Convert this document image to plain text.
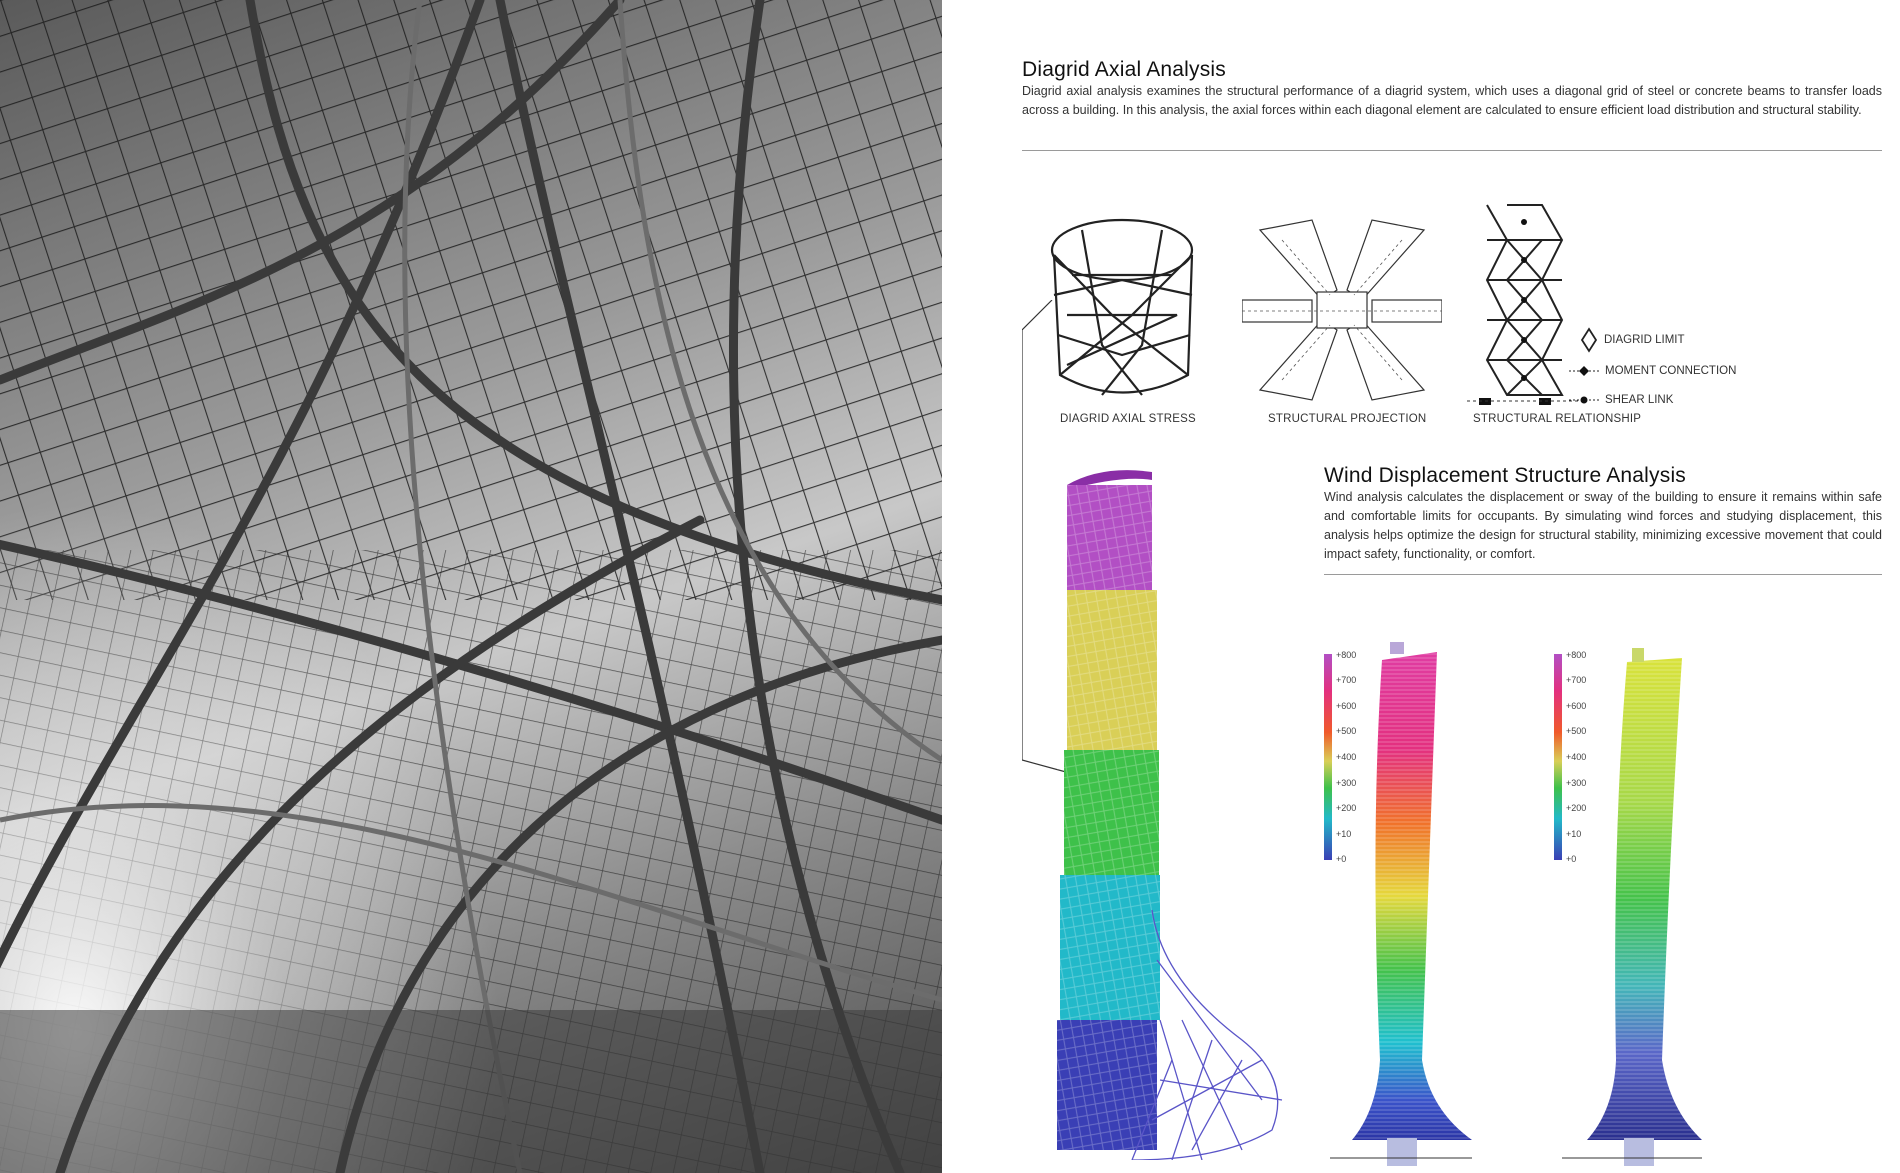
Diagrid Axial Analysis
Diagrid axial analysis examines the structural performance of a diagrid system, which uses a diagonal grid of steel or concrete beams to transfer loads across a building. In this analysis, the axial forces within each diagonal element are calculated to ensure efficient load distribution and structural stability.
DIAGRID AXIAL STRESS	STRUCTURAL PROJECTION	STRUCTURAL RELATIONSHIP
DIAGRID LIMIT
MOMENT CONNECTION
SHEAR LINK
Wind Displacement Structure Analysis
Wind analysis calculates the displacement or sway of the building to ensure it remains within safe and comfortable limits for occupants. By simulating wind forces and studying displacement, this analysis helps optimize the design for structural stability, minimizing excessive movement that could impact safety, functionality, or comfort.
+800
+700
+600
+500
+400
+300
+200
+10
+0
+800
+700
+600
+500
+400
+300
+200
+10
+0
